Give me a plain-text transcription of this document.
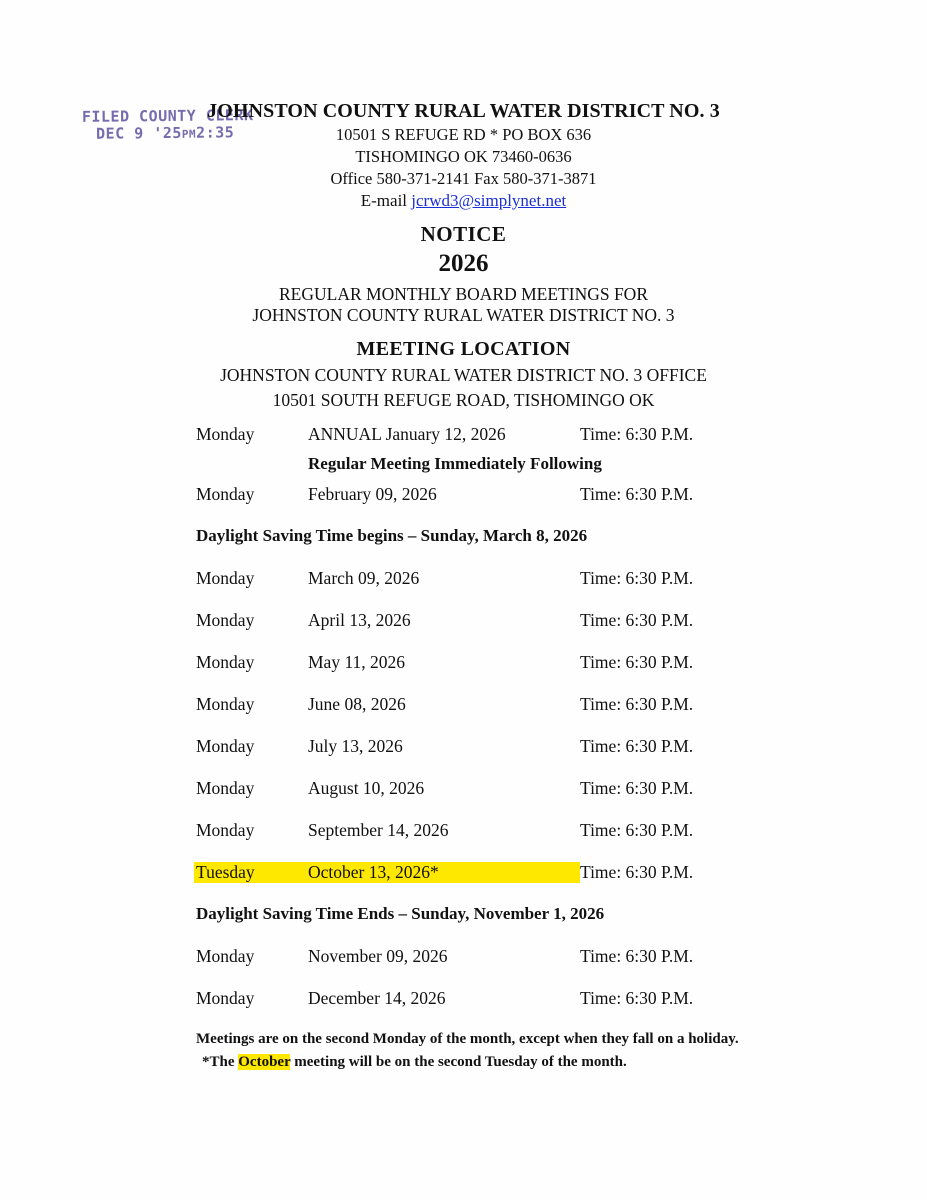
FILED COUNTY CLERK
DEC 9 '25PM2:35
JOHNSTON COUNTY RURAL WATER DISTRICT NO. 3
10501 S REFUGE RD * PO BOX 636
TISHOMINGO OK 73460-0636
Office 580-371-2141 Fax 580-371-3871
E-mail jcrwd3@simplynet.net
NOTICE
2026
REGULAR MONTHLY BOARD MEETINGS FOR
JOHNSTON COUNTY RURAL WATER DISTRICT NO. 3
MEETING LOCATION
JOHNSTON COUNTY RURAL WATER DISTRICT NO. 3 OFFICE
10501 SOUTH REFUGE ROAD, TISHOMINGO OK
Monday	ANNUAL January 12, 2026	Time: 6:30 P.M.
Regular Meeting Immediately Following
Monday	February 09, 2026	Time: 6:30 P.M.
Daylight Saving Time begins – Sunday, March 8, 2026
Monday	March 09, 2026	Time: 6:30 P.M.
Monday	April 13, 2026	Time: 6:30 P.M.
Monday	May 11, 2026	Time: 6:30 P.M.
Monday	June 08, 2026	Time: 6:30 P.M.
Monday	July 13, 2026	Time: 6:30 P.M.
Monday	August 10, 2026	Time: 6:30 P.M.
Monday	September 14, 2026	Time: 6:30 P.M.
Tuesday	October 13, 2026*	Time: 6:30 P.M.
Daylight Saving Time Ends – Sunday, November 1, 2026
Monday	November 09, 2026	Time: 6:30 P.M.
Monday	December 14, 2026	Time: 6:30 P.M.
Meetings are on the second Monday of the month, except when they fall on a holiday.
*The October meeting will be on the second Tuesday of the month.
